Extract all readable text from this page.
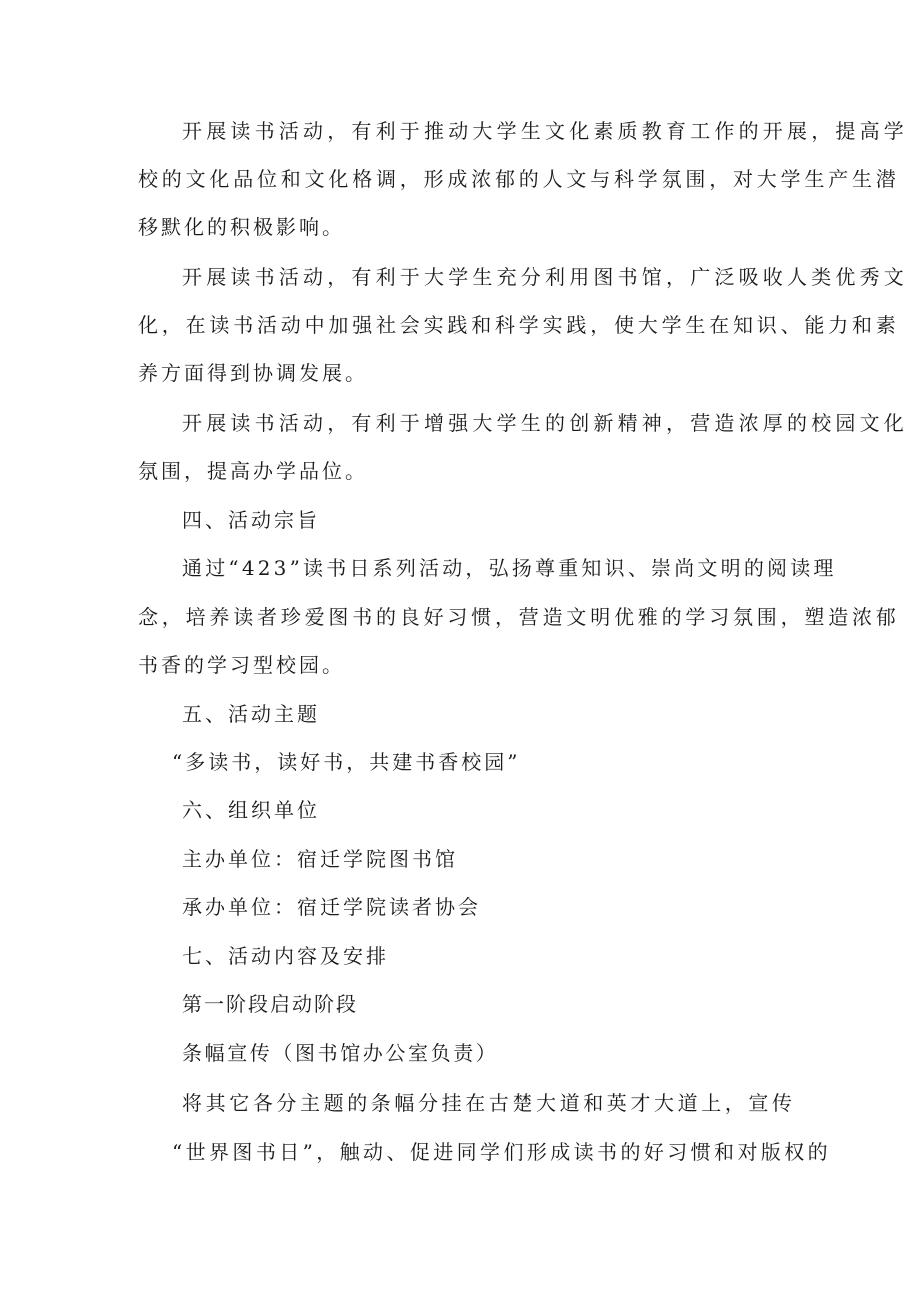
开展读书活动，有利于推动大学生文化素质教育工作的开展，提高学
校的文化品位和文化格调，形成浓郁的人文与科学氛围，对大学生产生潜
移默化的积极影响。
开展读书活动，有利于大学生充分利用图书馆，广泛吸收人类优秀文
化，在读书活动中加强社会实践和科学实践，使大学生在知识、能力和素
养方面得到协调发展。
开展读书活动，有利于增强大学生的创新精神，营造浓厚的校园文化
氛围，提高办学品位。
四、活动宗旨
通过“423”读书日系列活动，弘扬尊重知识、崇尚文明的阅读理
念，培养读者珍爱图书的良好习惯，营造文明优雅的学习氛围，塑造浓郁
书香的学习型校园。
五、活动主题
“多读书，读好书，共建书香校园”
六、组织单位
主办单位：宿迁学院图书馆
承办单位：宿迁学院读者协会
七、活动内容及安排
第一阶段启动阶段
条幅宣传（图书馆办公室负责）
将其它各分主题的条幅分挂在古楚大道和英才大道上，宣传
“世界图书日”，触动、促进同学们形成读书的好习惯和对版权的
